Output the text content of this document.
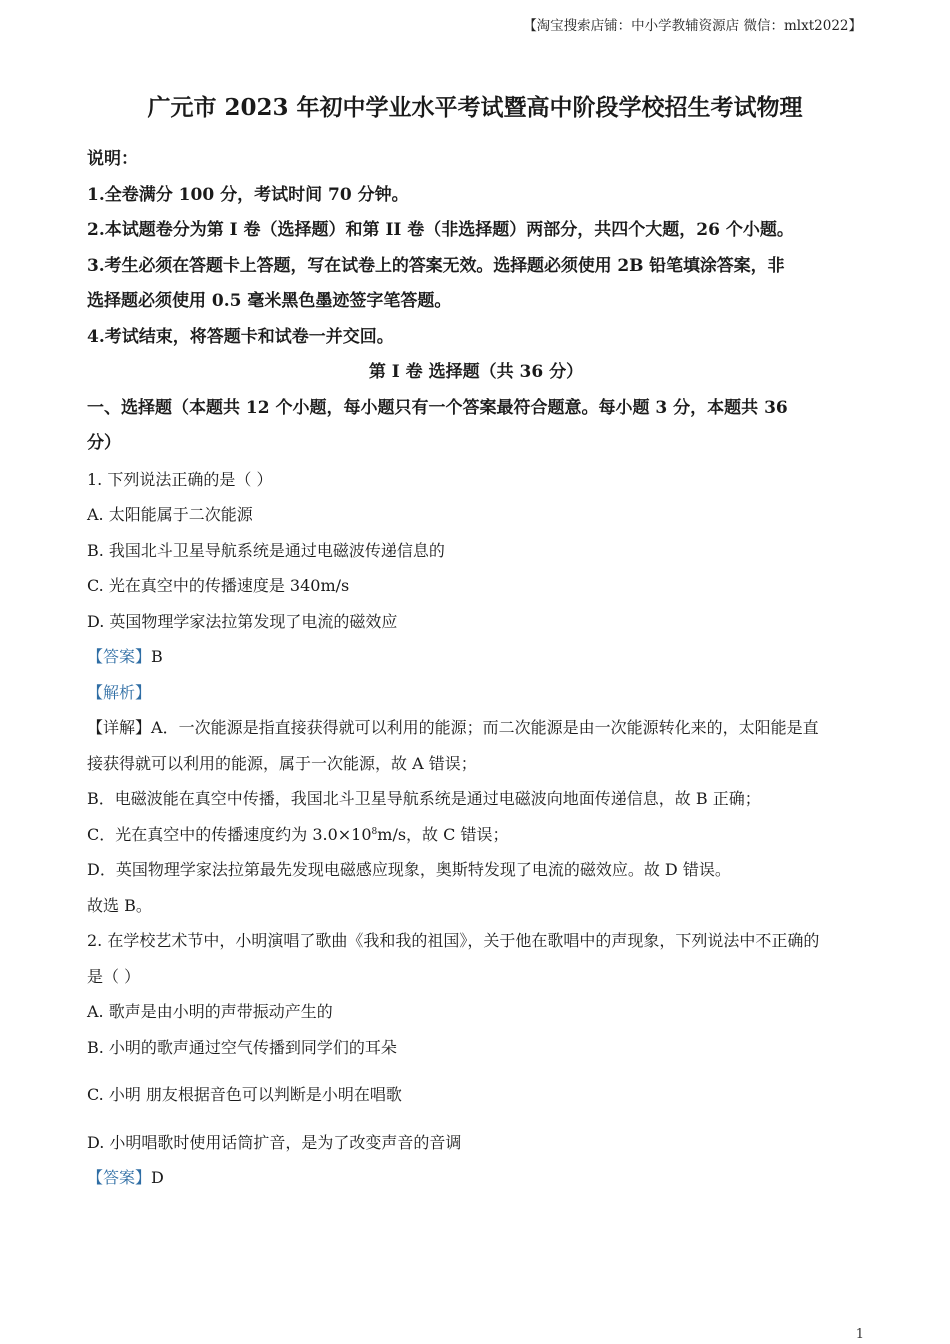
【淘宝搜索店铺：中小学教辅资源店 微信：mlxt2022】
广元市 2023 年初中学业水平考试暨高中阶段学校招生考试物理
说明：
1.全卷满分 100 分，考试时间 70 分钟。
2.本试题卷分为第 I 卷（选择题）和第 II 卷（非选择题）两部分，共四个大题，26 个小题。
3.考生必须在答题卡上答题，写在试卷上的答案无效。选择题必须使用 2B 铅笔填涂答案，非
选择题必须使用 0.5 毫米黑色墨迹签字笔答题。
4.考试结束，将答题卡和试卷一并交回。
第 I 卷 选择题（共 36 分）
一、选择题（本题共 12 个小题，每小题只有一个答案最符合题意。每小题 3 分，本题共 36
分）
1. 下列说法正确的是（ ）
A. 太阳能属于二次能源
B. 我国北斗卫星导航系统是通过电磁波传递信息的
C. 光在真空中的传播速度是 340m/s
D. 英国物理学家法拉第发现了电流的磁效应
【答案】B
【解析】
【详解】A．一次能源是指直接获得就可以利用的能源；而二次能源是由一次能源转化来的，太阳能是直
接获得就可以利用的能源，属于一次能源，故 A 错误；
B．电磁波能在真空中传播，我国北斗卫星导航系统是通过电磁波向地面传递信息，故 B 正确；
C．光在真空中的传播速度约为 $3.0\times 10^8m/s$，故 C 错误；
D．英国物理学家法拉第最先发现电磁感应现象，奥斯特发现了电流的磁效应。故 D 错误。
故选 B。
2. 在学校艺术节中，小明演唱了歌曲《我和我的祖国》，关于他在歌唱中的声现象，下列说法中不正确的
是（ ）
A. 歌声是由小明的声带振动产生的
B. 小明的歌声通过空气传播到同学们的耳朵
C. 小明 朋友根据音色可以判断是小明在唱歌
D. 小明唱歌时使用话筒扩音，是为了改变声音的音调
【答案】D
1
